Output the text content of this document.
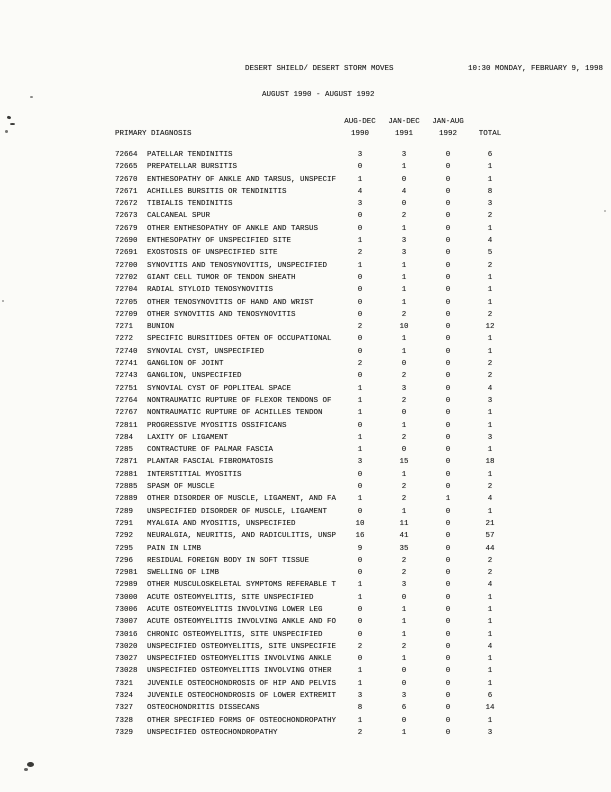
DESERT SHIELD/ DESERT STORM MOVES	10:30 MONDAY, FEBRUARY 9, 1998
AUGUST 1990 - AUGUST 1992
PRIMARY DIAGNOSIS
AUG-DEC	JAN-DEC	JAN-AUG
1990	1991	1992	TOTAL
72664 PATELLAR TENDINITIS	3	3	0	6
72665 PREPATELLAR BURSITIS	0	1	0	1
72670 ENTHESOPATHY OF ANKLE AND TARSUS, UNSPECIF	1	0	0	1
72671 ACHILLES BURSITIS OR TENDINITIS	4	4	0	8
72672 TIBIALIS TENDINITIS	3	0	0	3
72673 CALCANEAL SPUR	0	2	0	2
72679 OTHER ENTHESOPATHY OF ANKLE AND TARSUS	0	1	0	1
72690 ENTHESOPATHY OF UNSPECIFIED SITE	1	3	0	4
72691 EXOSTOSIS OF UNSPECIFIED SITE	2	3	0	5
72700 SYNOVITIS AND TENOSYNOVITIS, UNSPECIFIED	1	1	0	2
72702 GIANT CELL TUMOR OF TENDON SHEATH	0	1	0	1
72704 RADIAL STYLOID TENOSYNOVITIS	0	1	0	1
72705 OTHER TENOSYNOVITIS OF HAND AND WRIST	0	1	0	1
72709 OTHER SYNOVITIS AND TENOSYNOVITIS	0	2	0	2
7271 BUNION	2	10	0	12
7272 SPECIFIC BURSITIDES OFTEN OF OCCUPATIONAL	0	1	0	1
72740 SYNOVIAL CYST, UNSPECIFIED	0	1	0	1
72741 GANGLION OF JOINT	2	0	0	2
72743 GANGLION, UNSPECIFIED	0	2	0	2
72751 SYNOVIAL CYST OF POPLITEAL SPACE	1	3	0	4
72764 NONTRAUMATIC RUPTURE OF FLEXOR TENDONS OF	1	2	0	3
72767 NONTRAUMATIC RUPTURE OF ACHILLES TENDON	1	0	0	1
72811 PROGRESSIVE MYOSITIS OSSIFICANS	0	1	0	1
7284 LAXITY OF LIGAMENT	1	2	0	3
7285 CONTRACTURE OF PALMAR FASCIA	1	0	0	1
72871 PLANTAR FASCIAL FIBROMATOSIS	3	15	0	18
72881 INTERSTITIAL MYOSITIS	0	1	0	1
72885 SPASM OF MUSCLE	0	2	0	2
72889 OTHER DISORDER OF MUSCLE, LIGAMENT, AND FA	1	2	1	4
7289 UNSPECIFIED DISORDER OF MUSCLE, LIGAMENT	0	1	0	1
7291 MYALGIA AND MYOSITIS, UNSPECIFIED	10	11	0	21
7292 NEURALGIA, NEURITIS, AND RADICULITIS, UNSP	16	41	0	57
7295 PAIN IN LIMB	9	35	0	44
7296 RESIDUAL FOREIGN BODY IN SOFT TISSUE	0	2	0	2
72981 SWELLING OF LIMB	0	2	0	2
72989 OTHER MUSCULOSKELETAL SYMPTOMS REFERABLE T	1	3	0	4
73000 ACUTE OSTEOMYELITIS, SITE UNSPECIFIED	1	0	0	1
73006 ACUTE OSTEOMYELITIS INVOLVING LOWER LEG	0	1	0	1
73007 ACUTE OSTEOMYELITIS INVOLVING ANKLE AND FO	0	1	0	1
73016 CHRONIC OSTEOMYELITIS, SITE UNSPECIFIED	0	1	0	1
73020 UNSPECIFIED OSTEOMYELITIS, SITE UNSPECIFIE	2	2	0	4
73027 UNSPECIFIED OSTEOMYELITIS INVOLVING ANKLE	0	1	0	1
73028 UNSPECIFIED OSTEOMYELITIS INVOLVING OTHER	1	0	0	1
7321 JUVENILE OSTEOCHONDROSIS OF HIP AND PELVIS	1	0	0	1
7324 JUVENILE OSTEOCHONDROSIS OF LOWER EXTREMIT	3	3	0	6
7327 OSTEOCHONDRITIS DISSECANS	8	6	0	14
7328 OTHER SPECIFIED FORMS OF OSTEOCHONDROPATHY	1	0	0	1
7329 UNSPECIFIED OSTEOCHONDROPATHY	2	1	0	3
